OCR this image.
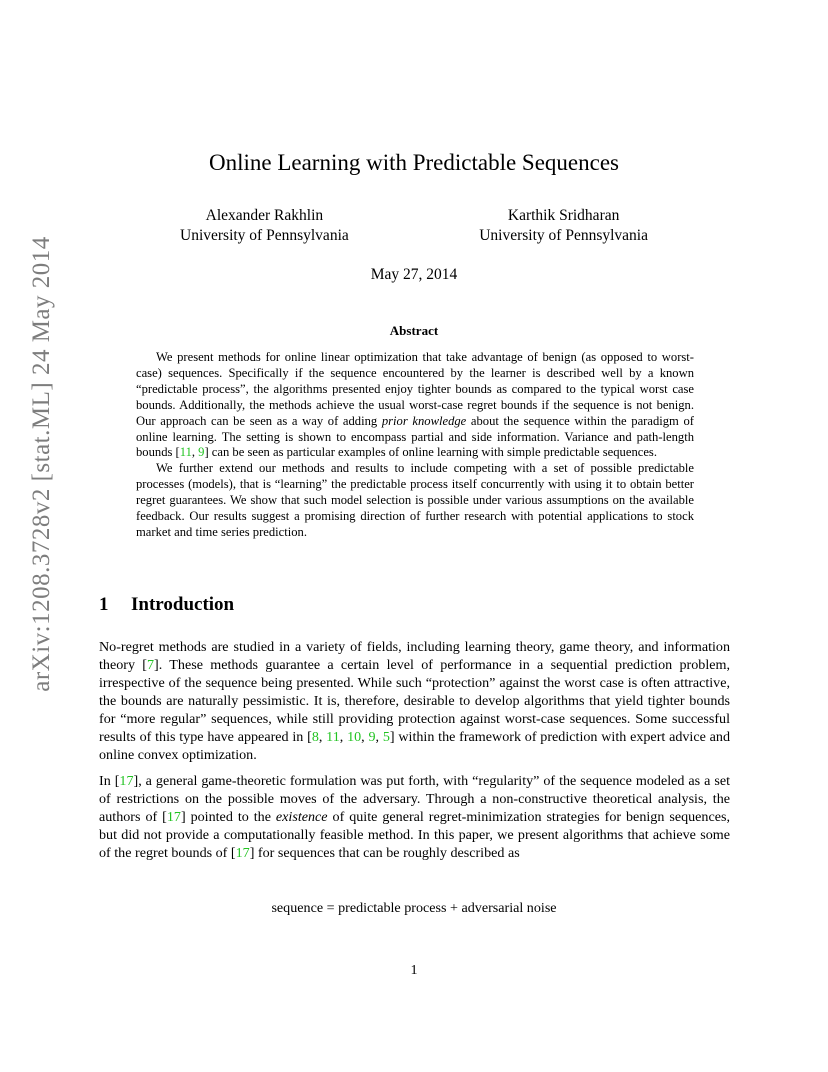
arXiv:1208.3728v2 [stat.ML] 24 May 2014
Online Learning with Predictable Sequences
Alexander Rakhlin
University of Pennsylvania
Karthik Sridharan
University of Pennsylvania
May 27, 2014
Abstract

We present methods for online linear optimization that take advantage of benign (as opposed to worst-case) sequences. Specifically if the sequence encountered by the learner is described well by a known “predictable process”, the algorithms presented enjoy tighter bounds as compared to the typical worst case bounds. Additionally, the methods achieve the usual worst-case regret bounds if the sequence is not benign. Our approach can be seen as a way of adding prior knowledge about the sequence within the paradigm of online learning. The setting is shown to encompass partial and side information. Variance and path-length bounds [11, 9] can be seen as particular examples of online learning with simple predictable sequences.

We further extend our methods and results to include competing with a set of possible predictable processes (models), that is “learning” the predictable process itself concurrently with using it to obtain better regret guarantees. We show that such model selection is possible under various assumptions on the available feedback. Our results suggest a promising direction of further research with potential applications to stock market and time series prediction.

1 Introduction

No-regret methods are studied in a variety of fields, including learning theory, game theory, and information theory [7]. These methods guarantee a certain level of performance in a sequential prediction problem, irrespective of the sequence being presented. While such “protection” against the worst case is often attractive, the bounds are naturally pessimistic. It is, therefore, desirable to develop algorithms that yield tighter bounds for “more regular” sequences, while still providing protection against worst-case sequences. Some successful results of this type have appeared in [8, 11, 10, 9, 5] within the framework of prediction with expert advice and online convex optimization.

In [17], a general game-theoretic formulation was put forth, with “regularity” of the sequence modeled as a set of restrictions on the possible moves of the adversary. Through a non-constructive theoretical analysis, the authors of [17] pointed to the existence of quite general regret-minimization strategies for benign sequences, but did not provide a computationally feasible method. In this paper, we present algorithms that achieve some of the regret bounds of [17] for sequences that can be roughly described as

sequence = predictable process + adversarial noise
1
